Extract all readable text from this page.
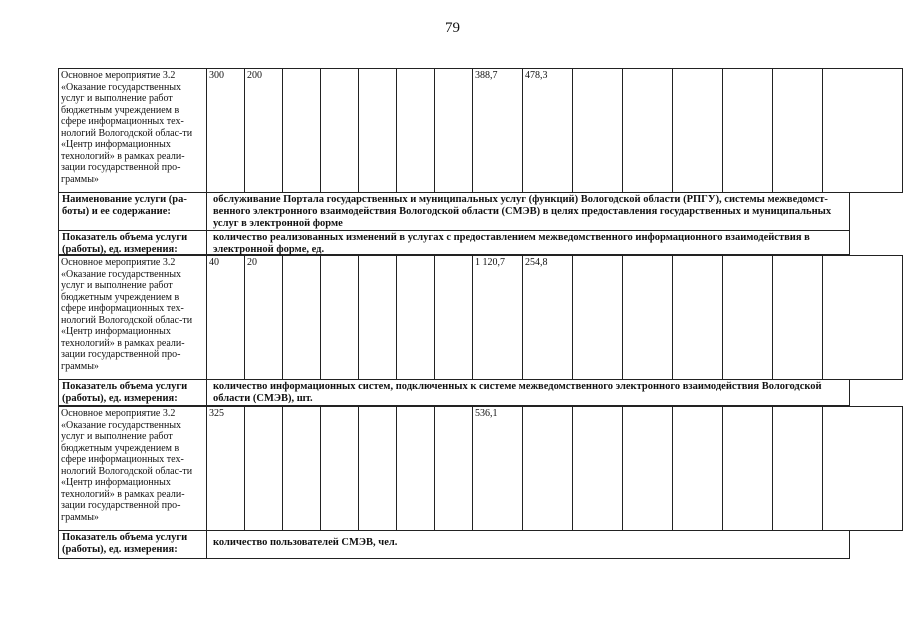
79
Основное мероприятие 3.2 «Оказание государственных услуг и выполнение работ бюджетным учреждением в сфере информационных тех-нологий Вологодской облас-ти «Центр информационных технологий» в рамках реали-зации государственной про-граммы»	300	200						388,7	478,3						
Наименование услуги (ра-боты) и ее содержание:
обслуживание Портала государственных и муниципальных услуг (функций) Вологодской области (РПГУ), системы межведомст-венного электронного взаимодействия Вологодской области (СМЭВ) в целях предоставления государственных и муниципальных услуг в электронной форме
Показатель объема услуги (работы), ед. измерения:
количество реализованных изменений в услугах с предоставлением межведомственного информационного взаимодействия в электронной форме, ед.
Основное мероприятие 3.2 «Оказание государственных услуг и выполнение работ бюджетным учреждением в сфере информационных тех-нологий Вологодской облас-ти «Центр информационных технологий» в рамках реали-зации государственной про-граммы»	40	20						1 120,7	254,8						
Показатель объема услуги (работы), ед. измерения:
количество информационных систем, подключенных к системе межведомственного электронного взаимодействия Вологодской области (СМЭВ), шт.
Основное мероприятие 3.2 «Оказание государственных услуг и выполнение работ бюджетным учреждением в сфере информационных тех-нологий Вологодской облас-ти «Центр информационных технологий» в рамках реали-зации государственной про-граммы»	325							536,1							
Показатель объема услуги (работы), ед. измерения:
количество пользователей СМЭВ, чел.
